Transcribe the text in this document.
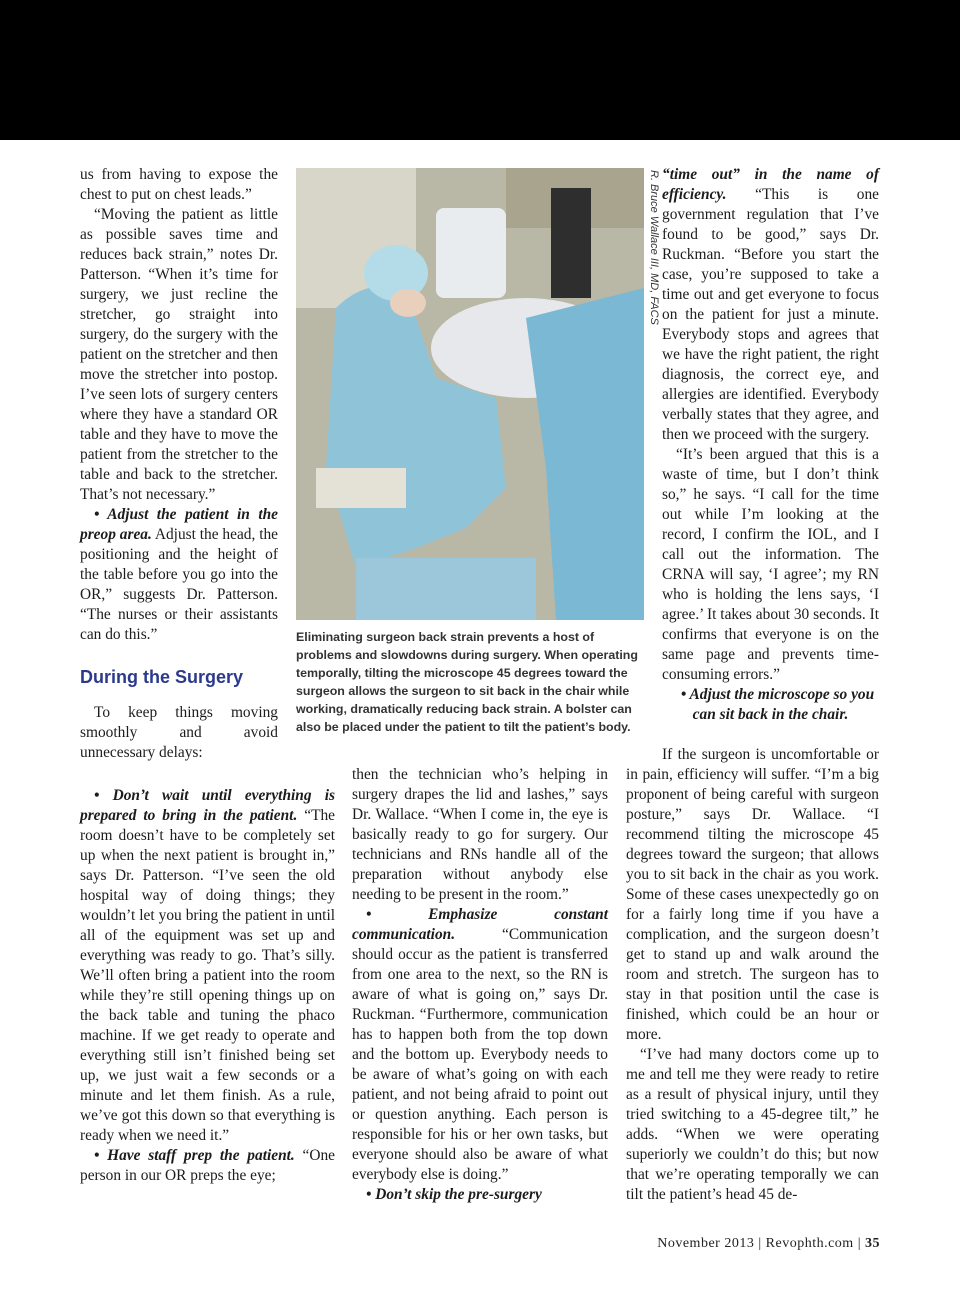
us from having to expose the chest to put on chest leads.”

“Moving the patient as little as possible saves time and reduces back strain,” notes Dr. Patterson. “When it’s time for surgery, we just recline the stretcher, go straight into surgery, do the surgery with the patient on the stretcher and then move the stretcher into postop. I’ve seen lots of surgery centers where they have a standard OR table and they have to move the patient from the stretcher to the table and back to the stretcher. That’s not necessary.”

• Adjust the patient in the preop area. Adjust the head, the positioning and the height of the table before you go into the OR,” suggests Dr. Patterson. “The nurses or their assistants can do this.”

During the Surgery

To keep things moving smoothly and avoid unnecessary delays:

• Don’t wait until everything is prepared to bring in the patient. “The room doesn’t have to be completely set up when the next patient is brought in,” says Dr. Patterson. “I’ve seen the old hospital way of doing things; they wouldn’t let you bring the patient in until all of the equipment was set up and everything was ready to go. That’s silly. We’ll often bring a patient into the room while they’re still opening things up on the back table and tuning the phaco machine. If we get ready to operate and everything still isn’t finished being set up, we just wait a few seconds or a minute and let them finish. As a rule, we’ve got this down so that everything is ready when we need it.”

• Have staff prep the patient. “One person in our OR preps the eye;

R. Bruce Wallace III, MD, FACS
Eliminating surgeon back strain prevents a host of problems and slowdowns during surgery. When operating temporally, tilting the microscope 45 degrees toward the surgeon allows the surgeon to sit back in the chair while working, dramatically reducing back strain. A bolster can also be placed under the patient to tilt the patient’s body.

then the technician who’s helping in surgery drapes the lid and lashes,” says Dr. Wallace. “When I come in, the eye is basically ready to go for surgery. Our technicians and RNs handle all of the preparation without anybody else needing to be present in the room.”

• Emphasize constant communication. “Communication should occur as the patient is transferred from one area to the next, so the RN is aware of what is going on,” says Dr. Ruckman. “Furthermore, communication has to happen both from the top down and the bottom up. Everybody needs to be aware of what’s going on with each patient, and not being afraid to point out or question anything. Each person is responsible for his or her own tasks, but everyone should also be aware of what everybody else is doing.”

• Don’t skip the pre-surgery

“time out” in the name of efficiency. “This is one government regulation that I’ve found to be good,” says Dr. Ruckman. “Before you start the case, you’re supposed to take a time out and get everyone to focus on the patient for just a minute. Everybody stops and agrees that we have the right patient, the right diagnosis, the correct eye, and allergies are identified. Everybody verbally states that they agree, and then we proceed with the surgery.

“It’s been argued that this is a waste of time, but I don’t think so,” he says. “I call for the time out while I’m looking at the record, I confirm the IOL, and I call out the information. The CRNA will say, ‘I agree’; my RN who is holding the lens says, ‘I agree.’ It takes about 30 seconds. It confirms that everyone is on the same page and prevents time-consuming errors.”

• Adjust the microscope so you can sit back in the chair.

If the surgeon is uncomfortable or in pain, efficiency will suffer. “I’m a big proponent of being careful with surgeon posture,” says Dr. Wallace. “I recommend tilting the microscope 45 degrees toward the surgeon; that allows you to sit back in the chair as you work. Some of these cases unexpectedly go on for a fairly long time if you have a complication, and the surgeon doesn’t get to stand up and walk around the room and stretch. The surgeon has to stay in that position until the case is finished, which could be an hour or more.

“I’ve had many doctors come up to me and tell me they were ready to retire as a result of physical injury, until they tried switching to a 45-degree tilt,” he adds. “When we were operating superiorly we couldn’t do this; but now that we’re operating temporally we can tilt the patient’s head 45 de-

November 2013 | Revophth.com | 35
